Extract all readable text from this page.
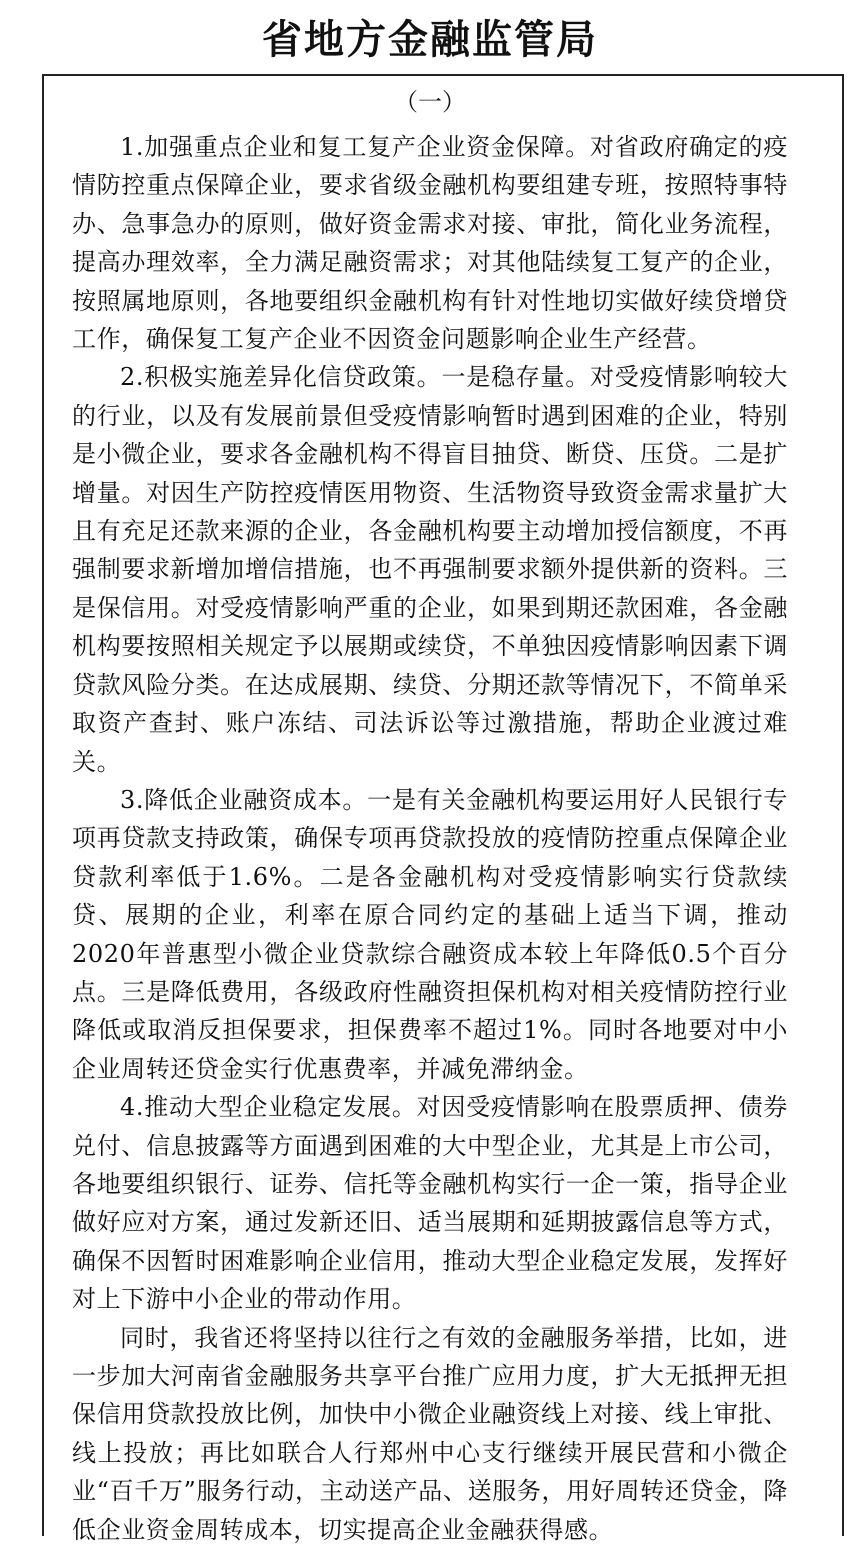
省地方金融监管局
（一）

1.加强重点企业和复工复产企业资金保障。对省政府确定的疫情防控重点保障企业，要求省级金融机构要组建专班，按照特事特办、急事急办的原则，做好资金需求对接、审批，简化业务流程，提高办理效率，全力满足融资需求；对其他陆续复工复产的企业，按照属地原则，各地要组织金融机构有针对性地切实做好续贷增贷工作，确保复工复产企业不因资金问题影响企业生产经营。

2.积极实施差异化信贷政策。一是稳存量。对受疫情影响较大的行业，以及有发展前景但受疫情影响暂时遇到困难的企业，特别是小微企业，要求各金融机构不得盲目抽贷、断贷、压贷。二是扩增量。对因生产防控疫情医用物资、生活物资导致资金需求量扩大且有充足还款来源的企业，各金融机构要主动增加授信额度，不再强制要求新增加增信措施，也不再强制要求额外提供新的资料。三是保信用。对受疫情影响严重的企业，如果到期还款困难，各金融机构要按照相关规定予以展期或续贷，不单独因疫情影响因素下调贷款风险分类。在达成展期、续贷、分期还款等情况下，不简单采取资产查封、账户冻结、司法诉讼等过激措施，帮助企业渡过难关。

3.降低企业融资成本。一是有关金融机构要运用好人民银行专项再贷款支持政策，确保专项再贷款投放的疫情防控重点保障企业贷款利率低于1.6%。二是各金融机构对受疫情影响实行贷款续贷、展期的企业，利率在原合同约定的基础上适当下调，推动2020年普惠型小微企业贷款综合融资成本较上年降低0.5个百分点。三是降低费用，各级政府性融资担保机构对相关疫情防控行业降低或取消反担保要求，担保费率不超过1%。同时各地要对中小企业周转还贷金实行优惠费率，并减免滞纳金。

4.推动大型企业稳定发展。对因受疫情影响在股票质押、债券兑付、信息披露等方面遇到困难的大中型企业，尤其是上市公司，各地要组织银行、证券、信托等金融机构实行一企一策，指导企业做好应对方案，通过发新还旧、适当展期和延期披露信息等方式，确保不因暂时困难影响企业信用，推动大型企业稳定发展，发挥好对上下游中小企业的带动作用。

同时，我省还将坚持以往行之有效的金融服务举措，比如，进一步加大河南省金融服务共享平台推广应用力度，扩大无抵押无担保信用贷款投放比例，加快中小微企业融资线上对接、线上审批、线上投放；再比如联合人行郑州中心支行继续开展民营和小微企业“百千万”服务行动，主动送产品、送服务，用好周转还贷金，降低企业资金周转成本，切实提高企业金融获得感。
